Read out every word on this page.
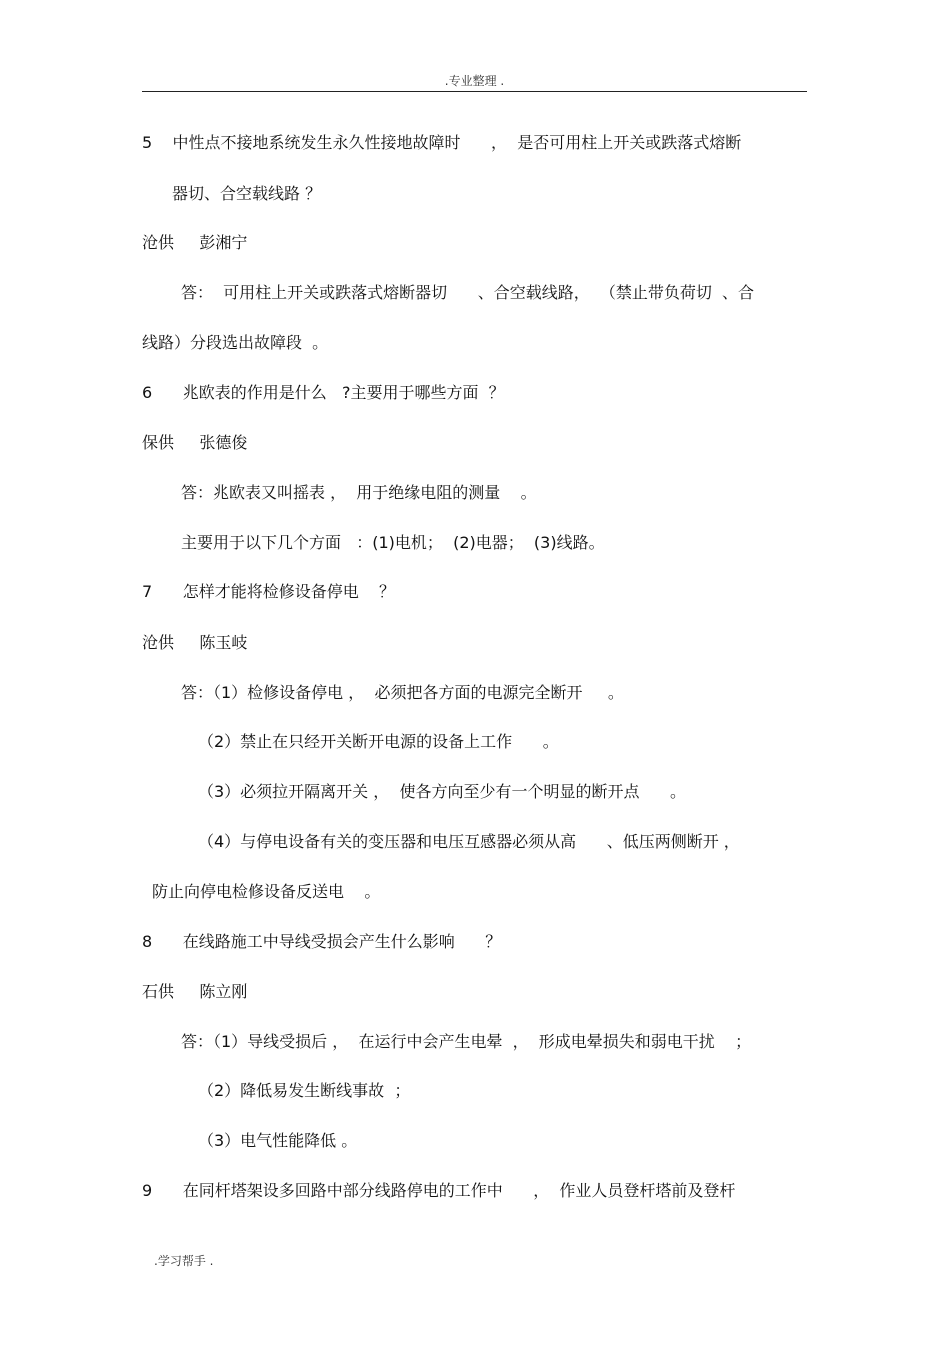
.专业整理 .
5    中性点不接地系统发生永久性接地故障时      ，  是否可用柱上开关或跌落式熔断
器切、合空载线路 ？
沧供     彭湘宁
答：  可用柱上开关或跌落式熔断器切      、合空载线路，  （禁止带负荷切  、合
线路）分段选出故障段  。
6      兆欧表的作用是什么   ?主要用于哪些方面  ？
保供     张德俊
答：兆欧表又叫摇表 ，  用于绝缘电阻的测量    。
主要用于以下几个方面   ：(1)电机；  (2)电器；  (3)线路。
7      怎样才能将检修设备停电    ？
沧供     陈玉岐
答：（1）检修设备停电 ，  必须把各方面的电源完全断开     。
（2）禁止在只经开关断开电源的设备上工作      。
（3）必须拉开隔离开关 ，  使各方向至少有一个明显的断开点      。
（4）与停电设备有关的变压器和电压互感器必须从高      、低压两侧断开 ，
防止向停电检修设备反送电    。
8      在线路施工中导线受损会产生什么影响      ？
石供     陈立刚
答：（1）导线受损后 ，  在运行中会产生电晕  ，  形成电晕损失和弱电干扰    ；
（2）降低易发生断线事故  ；
（3）电气性能降低 。
9      在同杆塔架设多回路中部分线路停电的工作中      ，  作业人员登杆塔前及登杆
.学习帮手 .
